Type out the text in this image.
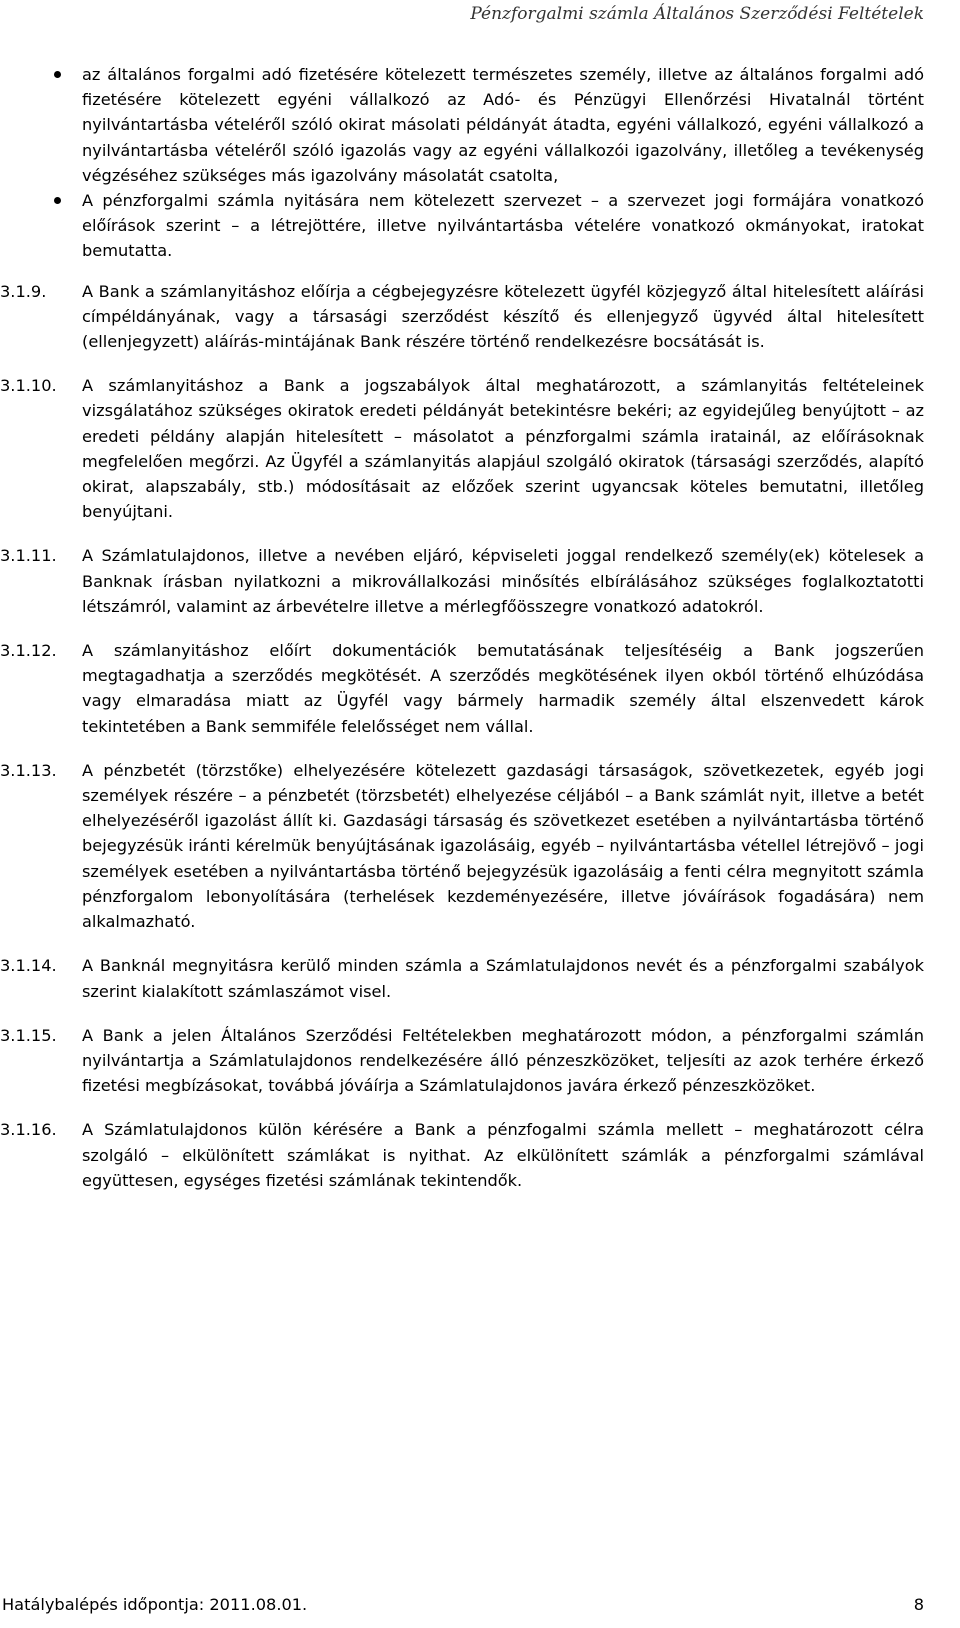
Pénzforgalmi számla Általános Szerződési Feltételek
az általános forgalmi adó fizetésére kötelezett természetes személy, illetve az általános forgalmi adó fizetésére kötelezett egyéni vállalkozó az Adó- és Pénzügyi Ellenőrzési Hivatalnál történt nyilvántartásba vételéről szóló okirat másolati példányát átadta, egyéni vállalkozó, egyéni vállalkozó a nyilvántartásba vételéről szóló igazolás vagy az egyéni vállalkozói igazolvány, illetőleg a tevékenység végzéséhez szükséges más igazolvány másolatát csatolta,
A pénzforgalmi számla nyitására nem kötelezett szervezet – a szervezet jogi formájára vonatkozó előírások szerint – a létrejöttére, illetve nyilvántartásba vételére vonatkozó okmányokat, iratokat bemutatta.
3.1.9. A Bank a számlanyitáshoz előírja a cégbejegyzésre kötelezett ügyfél közjegyző által hitelesített aláírási címpéldányának, vagy a társasági szerződést készítő és ellenjegyző ügyvéd által hitelesített (ellenjegyzett) aláírás-mintájának Bank részére történő rendelkezésre bocsátását is.
3.1.10. A számlanyitáshoz a Bank a jogszabályok által meghatározott, a számlanyitás feltételeinek vizsgálatához szükséges okiratok eredeti példányát betekintésre bekéri; az egyidejűleg benyújtott – az eredeti példány alapján hitelesített – másolatot a pénzforgalmi számla iratainál, az előírásoknak megfelelően megőrzi. Az Ügyfél a számlanyitás alapjául szolgáló okiratok (társasági szerződés, alapító okirat, alapszabály, stb.) módosításait az előzőek szerint ugyancsak köteles bemutatni, illetőleg benyújtani.
3.1.11. A Számlatulajdonos, illetve a nevében eljáró, képviseleti joggal rendelkező személy(ek) kötelesek a Banknak írásban nyilatkozni a mikrovállalkozási minősítés elbírálásához szükséges foglalkoztatotti létszámról, valamint az árbevételre illetve a mérlegfőösszegre vonatkozó adatokról.
3.1.12. A számlanyitáshoz előírt dokumentációk bemutatásának teljesítéséig a Bank jogszerűen megtagadhatja a szerződés megkötését. A szerződés megkötésének ilyen okból történő elhúzódása vagy elmaradása miatt az Ügyfél vagy bármely harmadik személy által elszenvedett károk tekintetében a Bank semmiféle felelősséget nem vállal.
3.1.13. A pénzbetét (törzstőke) elhelyezésére kötelezett gazdasági társaságok, szövetkezetek, egyéb jogi személyek részére – a pénzbetét (törzsbetét) elhelyezése céljából – a Bank számlát nyit, illetve a betét elhelyezéséről igazolást állít ki. Gazdasági társaság és szövetkezet esetében a nyilvántartásba történő bejegyzésük iránti kérelmük benyújtásának igazolásáig, egyéb – nyilvántartásba vétellel létrejövő – jogi személyek esetében a nyilvántartásba történő bejegyzésük igazolásáig a fenti célra megnyitott számla pénzforgalom lebonyolítására (terhelések kezdeményezésére, illetve jóváírások fogadására) nem alkalmazható.
3.1.14. A Banknál megnyitásra kerülő minden számla a Számlatulajdonos nevét és a pénzforgalmi szabályok szerint kialakított számlaszámot visel.
3.1.15. A Bank a jelen Általános Szerződési Feltételekben meghatározott módon, a pénzforgalmi számlán nyilvántartja a Számlatulajdonos rendelkezésére álló pénzeszközöket, teljesíti az azok terhére érkező fizetési megbízásokat, továbbá jóváírja a Számlatulajdonos javára érkező pénzeszközöket.
3.1.16. A Számlatulajdonos külön kérésére a Bank a pénzfogalmi számla mellett – meghatározott célra szolgáló – elkülönített számlákat is nyithat. Az elkülönített számlák a pénzforgalmi számlával együttesen, egységes fizetési számlának tekintendők.
Hatálybalépés időpontja: 2011.08.01.	8
